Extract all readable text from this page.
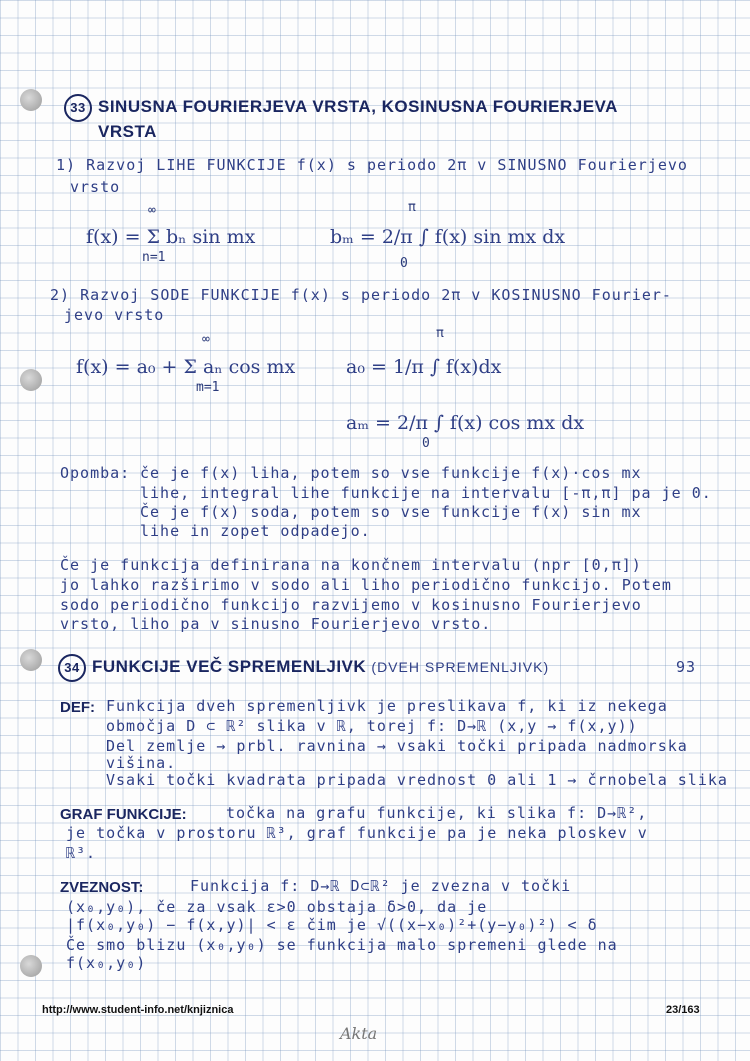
33 SINUSNA FOURIERJEVA VRSTA, KOSINUSNA FOURIERJEVA
VRSTA
1) Razvoj LIHE FUNKCIJE f(x) s periodo 2π v SINUSNO Fourierjevo
vrsto
∞
f(x) = Σ bₙ sin mx
n=1
π
bₘ = 2/π ∫ f(x) sin mx dx
0
2) Razvoj SODE FUNKCIJE f(x) s periodo 2π v KOSINUSNO Fourier-
jevo vrsto
∞
f(x) = a₀ + Σ aₙ cos mx
m=1
π
a₀ = 1/π ∫ f(x)dx
aₘ = 2/π ∫ f(x) cos mx dx
0
Opomba: če je f(x) liha, potem so vse funkcije f(x)·cos mx
lihe, integral lihe funkcije na intervalu [-π,π] pa je 0.
Če je f(x) soda, potem so vse funkcije f(x) sin mx
lihe in zopet odpadejo.
Če je funkcija definirana na končnem intervalu (npr [0,π])
jo lahko razširimo v sodo ali liho periodično funkcijo. Potem
sodo periodično funkcijo razvijemo v kosinusno Fourierjevo
vrsto, liho pa v sinusno Fourierjevo vrsto.
34 FUNKCIJE VEČ SPREMENLJIVK (DVEH SPREMENLJIVK)	93
DEF: Funkcija dveh spremenljivk je preslikava f, ki iz nekega
območja D ⊂ ℝ² slika v ℝ, torej f: D→ℝ (x,y → f(x,y))
Del zemlje → prbl. ravnina → vsaki točki pripada nadmorska
višina.
Vsaki točki kvadrata pripada vrednost 0 ali 1 → črnobela slika
GRAF FUNKCIJE:	točka na grafu funkcije, ki slika f: D→ℝ²,
je točka v prostoru ℝ³, graf funkcije pa je neka ploskev v
ℝ³.
ZVEZNOST:	Funkcija f: D→ℝ D⊂ℝ² je zvezna v točki
(x₀,y₀), če za vsak ε>0 obstaja δ>0, da je
|f(x₀,y₀) − f(x,y)| < ε čim je √((x−x₀)²+(y−y₀)²) < δ
Če smo blizu (x₀,y₀) se funkcija malo spremeni glede na
f(x₀,y₀)
http://www.student-info.net/knjiznica	23/163
Akta
